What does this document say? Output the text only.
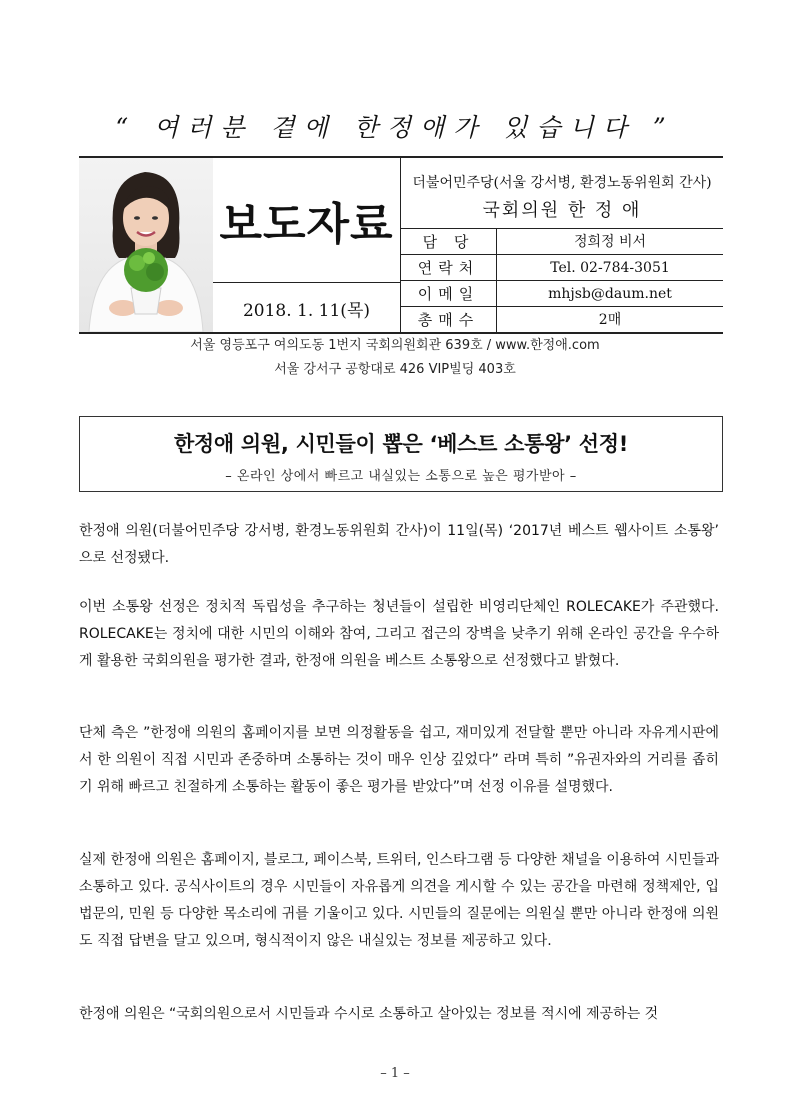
“ 여러분 곁에 한정애가 있습니다 ”
보도자료
2018. 1. 11(목)
더불어민주당(서울 강서병, 환경노동위원회 간사)
국회의원 한 정 애
담 당	정희정 비서
연락처	Tel. 02-784-3051
이메일	mhjsb@daum.net
총매수	2매
서울 영등포구 여의도동 1번지 국회의원회관 639호 / www.한정애.com
서울 강서구 공항대로 426 VIP빌딩 403호
한정애 의원, 시민들이 뽑은 ‘베스트 소통왕’ 선정!
– 온라인 상에서 빠르고 내실있는 소통으로 높은 평가받아 –
한정애 의원(더불어민주당 강서병, 환경노동위원회 간사)이 11일(목) ‘2017년 베스트 웹사이트 소통왕’ 으로 선정됐다.
이번 소통왕 선정은 정치적 독립성을 추구하는 청년들이 설립한 비영리단체인 ROLECAKE가 주관했다. ROLECAKE는 정치에 대한 시민의 이해와 참여, 그리고 접근의 장벽을 낮추기 위해 온라인 공간을 우수하게 활용한 국회의원을 평가한 결과, 한정애 의원을 베스트 소통왕으로 선정했다고 밝혔다.
단체 측은 ”한정애 의원의 홈페이지를 보면 의정활동을 쉽고, 재미있게 전달할 뿐만 아니라 자유게시판에서 한 의원이 직접 시민과 존중하며 소통하는 것이 매우 인상 깊었다” 라며 특히 ”유권자와의 거리를 좁히기 위해 빠르고 친절하게 소통하는 활동이 좋은 평가를 받았다”며 선정 이유를 설명했다.
실제 한정애 의원은 홈페이지, 블로그, 페이스북, 트위터, 인스타그램 등 다양한 채널을 이용하여 시민들과 소통하고 있다. 공식사이트의 경우 시민들이 자유롭게 의견을 게시할 수 있는 공간을 마련해 정책제안, 입법문의, 민원 등 다양한 목소리에 귀를 기울이고 있다. 시민들의 질문에는 의원실 뿐만 아니라 한정애 의원도 직접 답변을 달고 있으며, 형식적이지 않은 내실있는 정보를 제공하고 있다.
한정애 의원은 “국회의원으로서 시민들과 수시로 소통하고 살아있는 정보를 적시에 제공하는 것
– 1 –
